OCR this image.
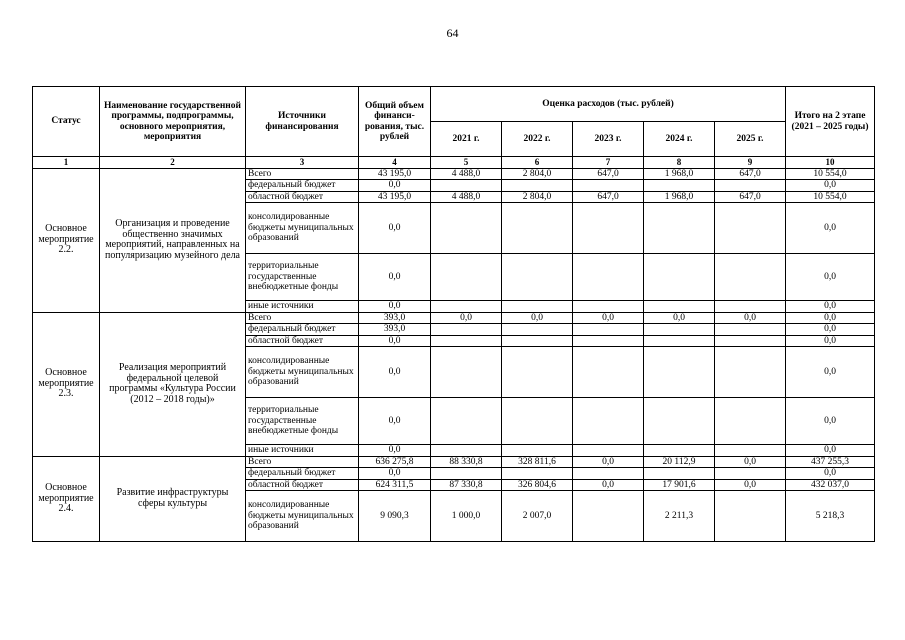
64
Статус	Наименование государственной программы, подпрограммы, основного мероприятия, мероприятия	Источники финансирования	Общий объем финанси-рования, тыс. рублей	Оценка расходов (тыс. рублей)					Итого на 2 этапе (2021 – 2025 годы)
				2021 г.	2022 г.	2023 г.	2024 г.	2025 г.	
1	2	3	4	5	6	7	8	9	10
Основное мероприятие 2.2.	Организация и проведение общественно значимых мероприятий, направленных на популяризацию музейного дела	Всего	43 195,0	4 488,0	2 804,0	647,0	1 968,0	647,0	10 554,0
		федеральный бюджет	0,0						0,0
		областной бюджет	43 195,0	4 488,0	2 804,0	647,0	1 968,0	647,0	10 554,0
		консолидированные бюджеты муниципальных образований	0,0						0,0
		территориальные государственные внебюджетные фонды	0,0						0,0
		иные источники	0,0						0,0
Основное мероприятие 2.3.	Реализация мероприятий федеральной целевой программы «Культура России (2012 – 2018 годы)»	Всего	393,0	0,0	0,0	0,0	0,0	0,0	0,0
		федеральный бюджет	393,0						0,0
		областной бюджет	0,0						0,0
		консолидированные бюджеты муниципальных образований	0,0						0,0
		территориальные государственные внебюджетные фонды	0,0						0,0
		иные источники	0,0						0,0
Основное мероприятие 2.4.	Развитие инфраструктуры сферы культуры	Всего	636 275,8	88 330,8	328 811,6	0,0	20 112,9	0,0	437 255,3
		федеральный бюджет	0,0						0,0
		областной бюджет	624 311,5	87 330,8	326 804,6	0,0	17 901,6	0,0	432 037,0
		консолидированные бюджеты муниципальных образований	9 090,3	1 000,0	2 007,0		2 211,3		5 218,3
